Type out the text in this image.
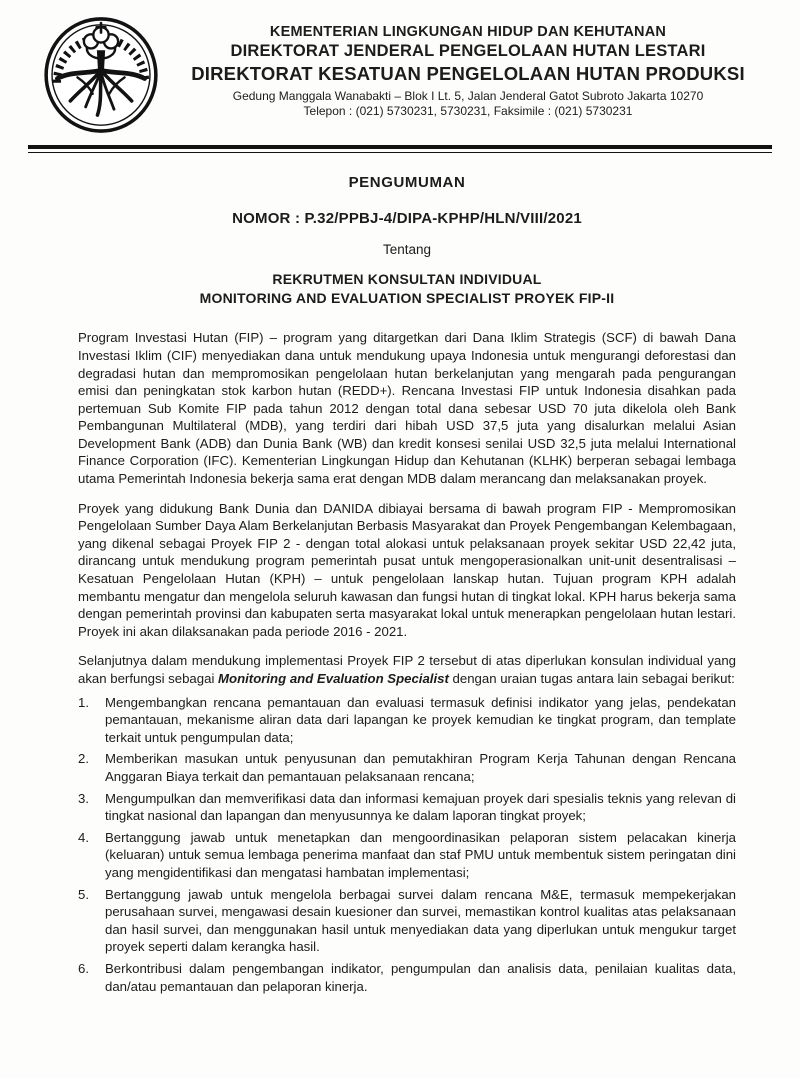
KEMENTERIAN LINGKUNGAN HIDUP DAN KEHUTANAN
DIREKTORAT JENDERAL PENGELOLAAN HUTAN LESTARI
DIREKTORAT KESATUAN PENGELOLAAN HUTAN PRODUKSI
Gedung Manggala Wanabakti – Blok I Lt. 5, Jalan Jenderal Gatot Subroto Jakarta 10270
Telepon : (021) 5730231, 5730231, Faksimile : (021) 5730231
PENGUMUMAN
NOMOR : P.32/PPBJ-4/DIPA-KPHP/HLN/VIII/2021
Tentang
REKRUTMEN KONSULTAN INDIVIDUAL
MONITORING AND EVALUATION SPECIALIST PROYEK FIP-II

Program Investasi Hutan (FIP) – program yang ditargetkan dari Dana Iklim Strategis (SCF) di bawah Dana Investasi Iklim (CIF) menyediakan dana untuk mendukung upaya Indonesia untuk mengurangi deforestasi dan degradasi hutan dan mempromosikan pengelolaan hutan berkelanjutan yang mengarah pada pengurangan emisi dan peningkatan stok karbon hutan (REDD+). Rencana Investasi FIP untuk Indonesia disahkan pada pertemuan Sub Komite FIP pada tahun 2012 dengan total dana sebesar USD 70 juta dikelola oleh Bank Pembangunan Multilateral (MDB), yang terdiri dari hibah USD 37,5 juta yang disalurkan melalui Asian Development Bank (ADB) dan Dunia Bank (WB) dan kredit konsesi senilai USD 32,5 juta melalui International Finance Corporation (IFC). Kementerian Lingkungan Hidup dan Kehutanan (KLHK) berperan sebagai lembaga utama Pemerintah Indonesia bekerja sama erat dengan MDB dalam merancang dan melaksanakan proyek.

Proyek yang didukung Bank Dunia dan DANIDA dibiayai bersama di bawah program FIP - Mempromosikan Pengelolaan Sumber Daya Alam Berkelanjutan Berbasis Masyarakat dan Proyek Pengembangan Kelembagaan, yang dikenal sebagai Proyek FIP 2 - dengan total alokasi untuk pelaksanaan proyek sekitar USD 22,42 juta, dirancang untuk mendukung program pemerintah pusat untuk mengoperasionalkan unit-unit desentralisasi – Kesatuan Pengelolaan Hutan (KPH) – untuk pengelolaan lanskap hutan. Tujuan program KPH adalah membantu mengatur dan mengelola seluruh kawasan dan fungsi hutan di tingkat lokal. KPH harus bekerja sama dengan pemerintah provinsi dan kabupaten serta masyarakat lokal untuk menerapkan pengelolaan hutan lestari. Proyek ini akan dilaksanakan pada periode 2016 - 2021.

Selanjutnya dalam mendukung implementasi Proyek FIP 2 tersebut di atas diperlukan konsulan individual yang akan berfungsi sebagai Monitoring and Evaluation Specialist dengan uraian tugas antara lain sebagai berikut:

1.	Mengembangkan rencana pemantauan dan evaluasi termasuk definisi indikator yang jelas, pendekatan pemantauan, mekanisme aliran data dari lapangan ke proyek kemudian ke tingkat program, dan template terkait untuk pengumpulan data;
2.	Memberikan masukan untuk penyusunan dan pemutakhiran Program Kerja Tahunan dengan Rencana Anggaran Biaya terkait dan pemantauan pelaksanaan rencana;
3.	Mengumpulkan dan memverifikasi data dan informasi kemajuan proyek dari spesialis teknis yang relevan di tingkat nasional dan lapangan dan menyusunnya ke dalam laporan tingkat proyek;
4.	Bertanggung jawab untuk menetapkan dan mengoordinasikan pelaporan sistem pelacakan kinerja (keluaran) untuk semua lembaga penerima manfaat dan staf PMU untuk membentuk sistem peringatan dini yang mengidentifikasi dan mengatasi hambatan implementasi;
5.	Bertanggung jawab untuk mengelola berbagai survei dalam rencana M&E, termasuk mempekerjakan perusahaan survei, mengawasi desain kuesioner dan survei, memastikan kontrol kualitas atas pelaksanaan dan hasil survei, dan menggunakan hasil untuk menyediakan data yang diperlukan untuk mengukur target proyek seperti dalam kerangka hasil.
6.	Berkontribusi dalam pengembangan indikator, pengumpulan dan analisis data, penilaian kualitas data, dan/atau pemantauan dan pelaporan kinerja.
